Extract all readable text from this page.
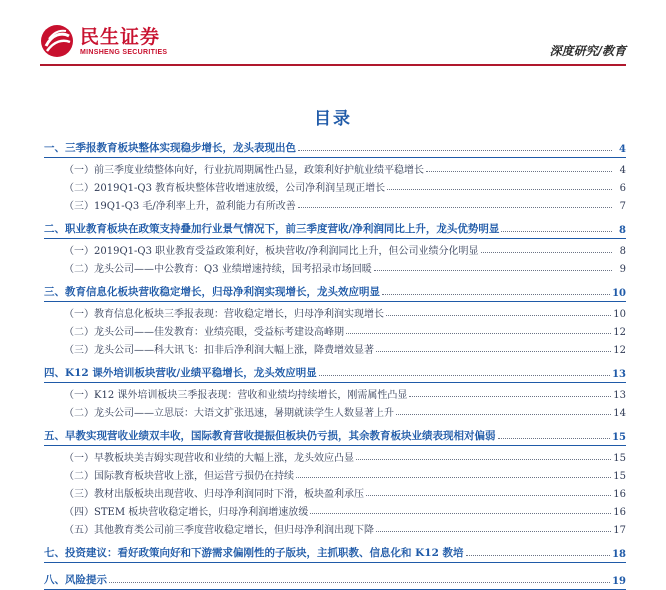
民生证券
MINSHENG SECURITIES	深度研究/教育
目录
一、三季报教育板块整体实现稳步增长，龙头表现出色	4
（一）前三季度业绩整体向好，行业抗周期属性凸显，政策利好护航业绩平稳增长	4
（二）2019Q1-Q3 教育板块整体营收增速放缓，公司净利润呈现正增长	6
（三）19Q1-Q3 毛/净利率上升，盈利能力有所改善	7
二、职业教育板块在政策支持叠加行业景气情况下，前三季度营收/净利润同比上升，龙头优势明显	8
（一）2019Q1-Q3 职业教育受益政策利好，板块营收/净利润同比上升，但公司业绩分化明显	8
（二）龙头公司——中公教育：Q3 业绩增速持续，国考招录市场回暖	9
三、教育信息化板块营收稳定增长，归母净利润实现增长，龙头效应明显	10
（一）教育信息化板块三季报表现：营收稳定增长，归母净利润实现增长	10
（二）龙头公司——佳发教育：业绩亮眼，受益标考建设高峰期	12
（三）龙头公司——科大讯飞：扣非后净利润大幅上涨，降费增效显著	12
四、K12 课外培训板块营收/业绩平稳增长，龙头效应明显	13
（一）K12 课外培训板块三季报表现：营收和业绩均持续增长，刚需属性凸显	13
（二）龙头公司——立思辰：大语文扩张迅速，暑期就读学生人数显著上升	14
五、早教实现营收业绩双丰收，国际教育营收提振但板块仍亏损，其余教育板块业绩表现相对偏弱	15
（一）早教板块美吉姆实现营收和业绩的大幅上涨，龙头效应凸显	15
（二）国际教育板块营收上涨，但运营亏损仍在持续	15
（三）教材出版板块出现营收、归母净利润同时下滑，板块盈利承压	16
（四）STEM 板块营收稳定增长，归母净利润增速放缓	16
（五）其他教育类公司前三季度营收稳定增长，但归母净利润出现下降	17
七、投资建议：看好政策向好和下游需求偏刚性的子版块，主抓职教、信息化和 K12 教培	18
八、风险提示	19
